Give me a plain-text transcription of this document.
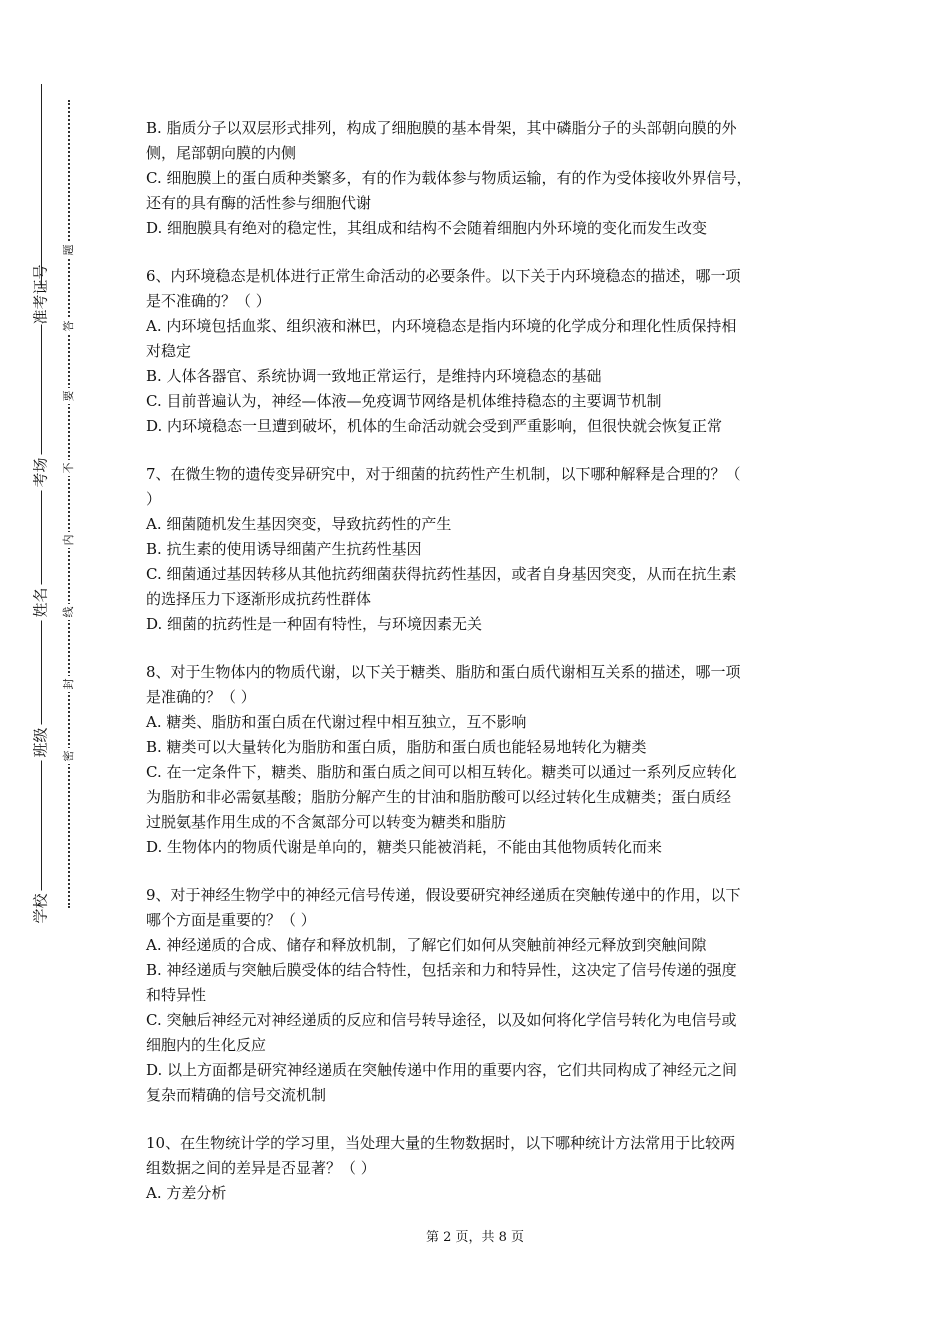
准考证号
考场
姓名
班级
学校
题
答
要
不
内
线
封
密
B. 脂质分子以双层形式排列，构成了细胞膜的基本骨架，其中磷脂分子的头部朝向膜的外
侧，尾部朝向膜的内侧
C. 细胞膜上的蛋白质种类繁多，有的作为载体参与物质运输，有的作为受体接收外界信号，
还有的具有酶的活性参与细胞代谢
D. 细胞膜具有绝对的稳定性，其组成和结构不会随着细胞内外环境的变化而发生改变
6、内环境稳态是机体进行正常生命活动的必要条件。以下关于内环境稳态的描述，哪一项
是不准确的？（ ）
A. 内环境包括血浆、组织液和淋巴，内环境稳态是指内环境的化学成分和理化性质保持相
对稳定
B. 人体各器官、系统协调一致地正常运行，是维持内环境稳态的基础
C. 目前普遍认为，神经—体液—免疫调节网络是机体维持稳态的主要调节机制
D. 内环境稳态一旦遭到破坏，机体的生命活动就会受到严重影响，但很快就会恢复正常
7、在微生物的遗传变异研究中，对于细菌的抗药性产生机制，以下哪种解释是合理的？（
）
A. 细菌随机发生基因突变，导致抗药性的产生
B. 抗生素的使用诱导细菌产生抗药性基因
C. 细菌通过基因转移从其他抗药细菌获得抗药性基因，或者自身基因突变，从而在抗生素
的选择压力下逐渐形成抗药性群体
D. 细菌的抗药性是一种固有特性，与环境因素无关
8、对于生物体内的物质代谢，以下关于糖类、脂肪和蛋白质代谢相互关系的描述，哪一项
是准确的？（ ）
A. 糖类、脂肪和蛋白质在代谢过程中相互独立，互不影响
B. 糖类可以大量转化为脂肪和蛋白质，脂肪和蛋白质也能轻易地转化为糖类
C. 在一定条件下，糖类、脂肪和蛋白质之间可以相互转化。糖类可以通过一系列反应转化
为脂肪和非必需氨基酸；脂肪分解产生的甘油和脂肪酸可以经过转化生成糖类；蛋白质经
过脱氨基作用生成的不含氮部分可以转变为糖类和脂肪
D. 生物体内的物质代谢是单向的，糖类只能被消耗，不能由其他物质转化而来
9、对于神经生物学中的神经元信号传递，假设要研究神经递质在突触传递中的作用，以下
哪个方面是重要的？（ ）
A. 神经递质的合成、储存和释放机制，了解它们如何从突触前神经元释放到突触间隙
B. 神经递质与突触后膜受体的结合特性，包括亲和力和特异性，这决定了信号传递的强度
和特异性
C. 突触后神经元对神经递质的反应和信号转导途径，以及如何将化学信号转化为电信号或
细胞内的生化反应
D. 以上方面都是研究神经递质在突触传递中作用的重要内容，它们共同构成了神经元之间
复杂而精确的信号交流机制
10、在生物统计学的学习里，当处理大量的生物数据时，以下哪种统计方法常用于比较两
组数据之间的差异是否显著？（ ）
A. 方差分析
第 2 页，共 8 页
